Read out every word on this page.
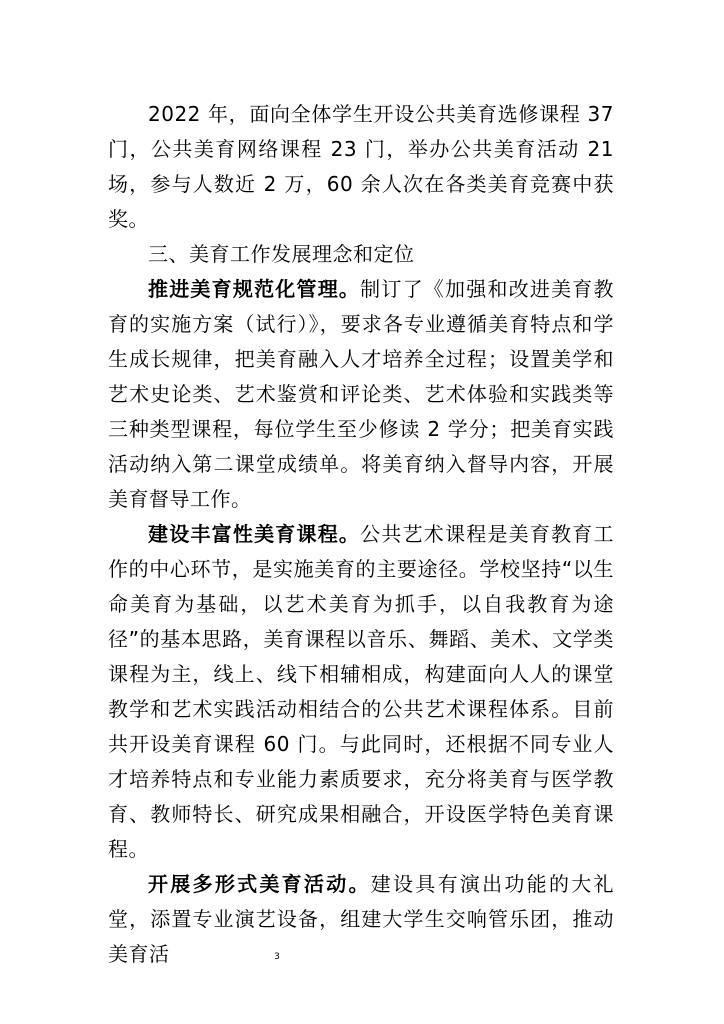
2022 年，面向全体学生开设公共美育选修课程 37 门，公共美育网络课程 23 门，举办公共美育活动 21 场，参与人数近 2 万，60 余人次在各类美育竞赛中获奖。

三、美育工作发展理念和定位

推进美育规范化管理。制订了《加强和改进美育教育的实施方案（试行）》，要求各专业遵循美育特点和学生成长规律，把美育融入人才培养全过程；设置美学和艺术史论类、艺术鉴赏和评论类、艺术体验和实践类等三种类型课程，每位学生至少修读 2 学分；把美育实践活动纳入第二课堂成绩单。将美育纳入督导内容，开展美育督导工作。

建设丰富性美育课程。公共艺术课程是美育教育工作的中心环节，是实施美育的主要途径。学校坚持“以生命美育为基础，以艺术美育为抓手，以自我教育为途径”的基本思路，美育课程以音乐、舞蹈、美术、文学类课程为主，线上、线下相辅相成，构建面向人人的课堂教学和艺术实践活动相结合的公共艺术课程体系。目前共开设美育课程 60 门。与此同时，还根据不同专业人才培养特点和专业能力素质要求，充分将美育与医学教育、教师特长、研究成果相融合，开设医学特色美育课程。

开展多形式美育活动。建设具有演出功能的大礼堂，添置专业演艺设备，组建大学生交响管乐团，推动美育活	3
